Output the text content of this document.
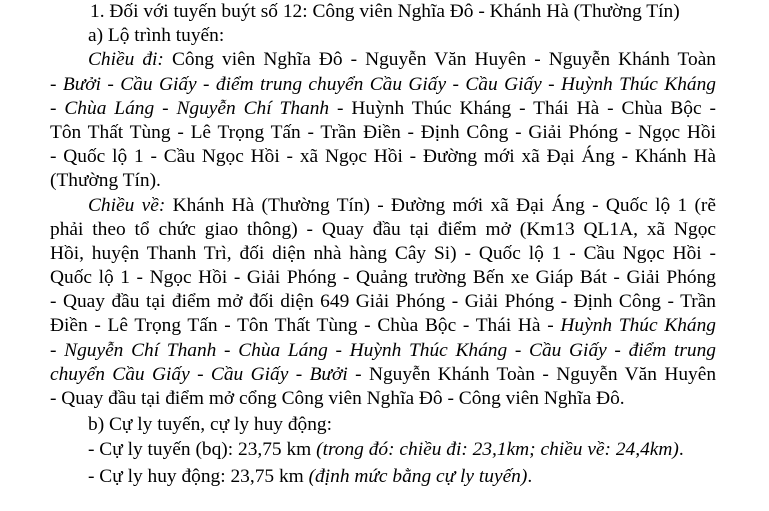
1. Đối với tuyến buýt số 12: Công viên Nghĩa Đô - Khánh Hà (Thường Tín)
a) Lộ trình tuyến:
Chiều đi: Công viên Nghĩa Đô - Nguyễn Văn Huyên - Nguyễn Khánh Toàn
- Bưởi - Cầu Giấy - điểm trung chuyển Cầu Giấy - Cầu Giấy - Huỳnh Thúc Kháng
- Chùa Láng - Nguyễn Chí Thanh - Huỳnh Thúc Kháng - Thái Hà - Chùa Bộc -
Tôn Thất Tùng - Lê Trọng Tấn - Trần Điền - Định Công - Giải Phóng - Ngọc Hồi
- Quốc lộ 1 - Cầu Ngọc Hồi - xã Ngọc Hồi - Đường mới xã Đại Áng - Khánh Hà
(Thường Tín).
Chiều về: Khánh Hà (Thường Tín) - Đường mới xã Đại Áng - Quốc lộ 1 (rẽ
phải theo tổ chức giao thông) - Quay đầu tại điểm mở (Km13 QL1A, xã Ngọc
Hồi, huyện Thanh Trì, đối diện nhà hàng Cây Si) - Quốc lộ 1 - Cầu Ngọc Hồi -
Quốc lộ 1 - Ngọc Hồi - Giải Phóng - Quảng trường Bến xe Giáp Bát - Giải Phóng
- Quay đầu tại điểm mở đối diện 649 Giải Phóng - Giải Phóng - Định Công - Trần
Điền - Lê Trọng Tấn - Tôn Thất Tùng - Chùa Bộc - Thái Hà - Huỳnh Thúc Kháng
- Nguyễn Chí Thanh - Chùa Láng - Huỳnh Thúc Kháng - Cầu Giấy - điểm trung
chuyển Cầu Giấy - Cầu Giấy - Bưởi - Nguyễn Khánh Toàn - Nguyễn Văn Huyên
- Quay đầu tại điểm mở cổng Công viên Nghĩa Đô - Công viên Nghĩa Đô.
b) Cự ly tuyến, cự ly huy động:
- Cự ly tuyến (bq): 23,75 km (trong đó: chiều đi: 23,1km; chiều về: 24,4km).
- Cự ly huy động: 23,75 km (định mức bằng cự ly tuyến).
